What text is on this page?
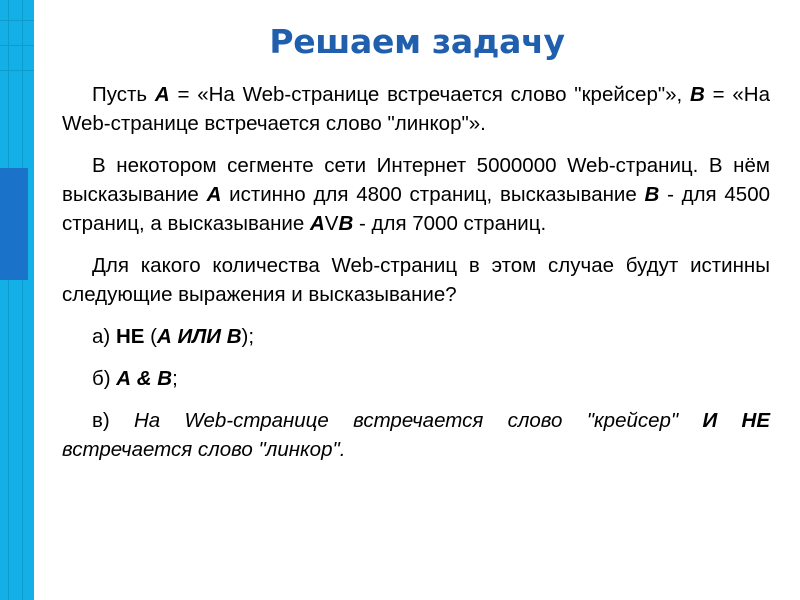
Решаем задачу

Пусть А = «На Web-странице встречается слово "крейсер"», В = «На Web-странице встречается слово "линкор"».

В некотором сегменте сети Интернет 5000000 Web-страниц. В нём высказывание А истинно для 4800 страниц, высказывание В - для 4500 страниц, а высказывание АVВ - для 7000 страниц.

Для какого количества Web-страниц в этом случае будут истинны следующие выражения и высказывание?

а) НЕ (А ИЛИ В);

б) А & В;

в) На Web-странице встречается слово "крейсер" И НЕ встречается слово "линкор".
